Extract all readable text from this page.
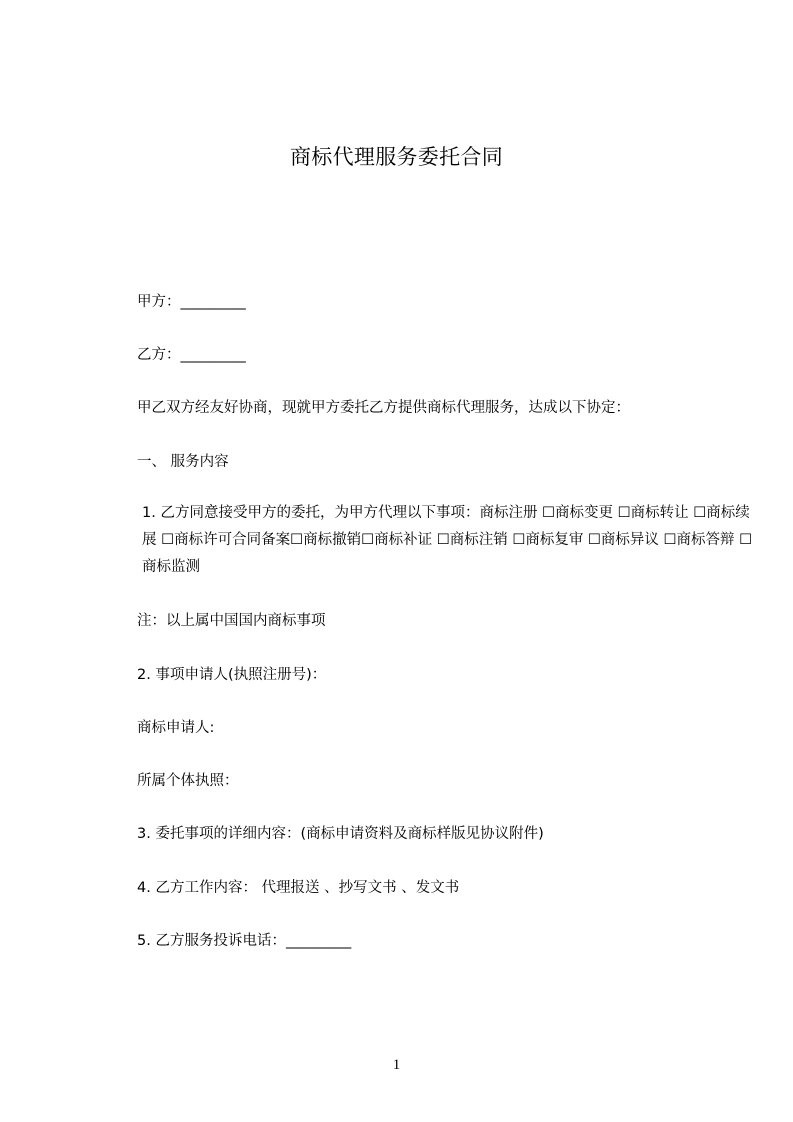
商标代理服务委托合同
甲方：_________
乙方：_________
甲乙双方经友好协商，现就甲方委托乙方提供商标代理服务，达成以下协定：
一、 服务内容
1. 乙方同意接受甲方的委托，为甲方代理以下事项：商标注册 ☐商标变更 ☐商标转让 ☐商标续展 ☐商标许可合同备案☐商标撤销☐商标补证 ☐商标注销 ☐商标复审 ☐商标异议 ☐商标答辩 ☐商标监测
注：以上属中国国内商标事项
2. 事项申请人(执照注册号)：
商标申请人:
所属个体执照：
3. 委托事项的详细内容：(商标申请资料及商标样版见协议附件)
4. 乙方工作内容： 代理报送 、抄写文书 、发文书
5. 乙方服务投诉电话：_________
1
